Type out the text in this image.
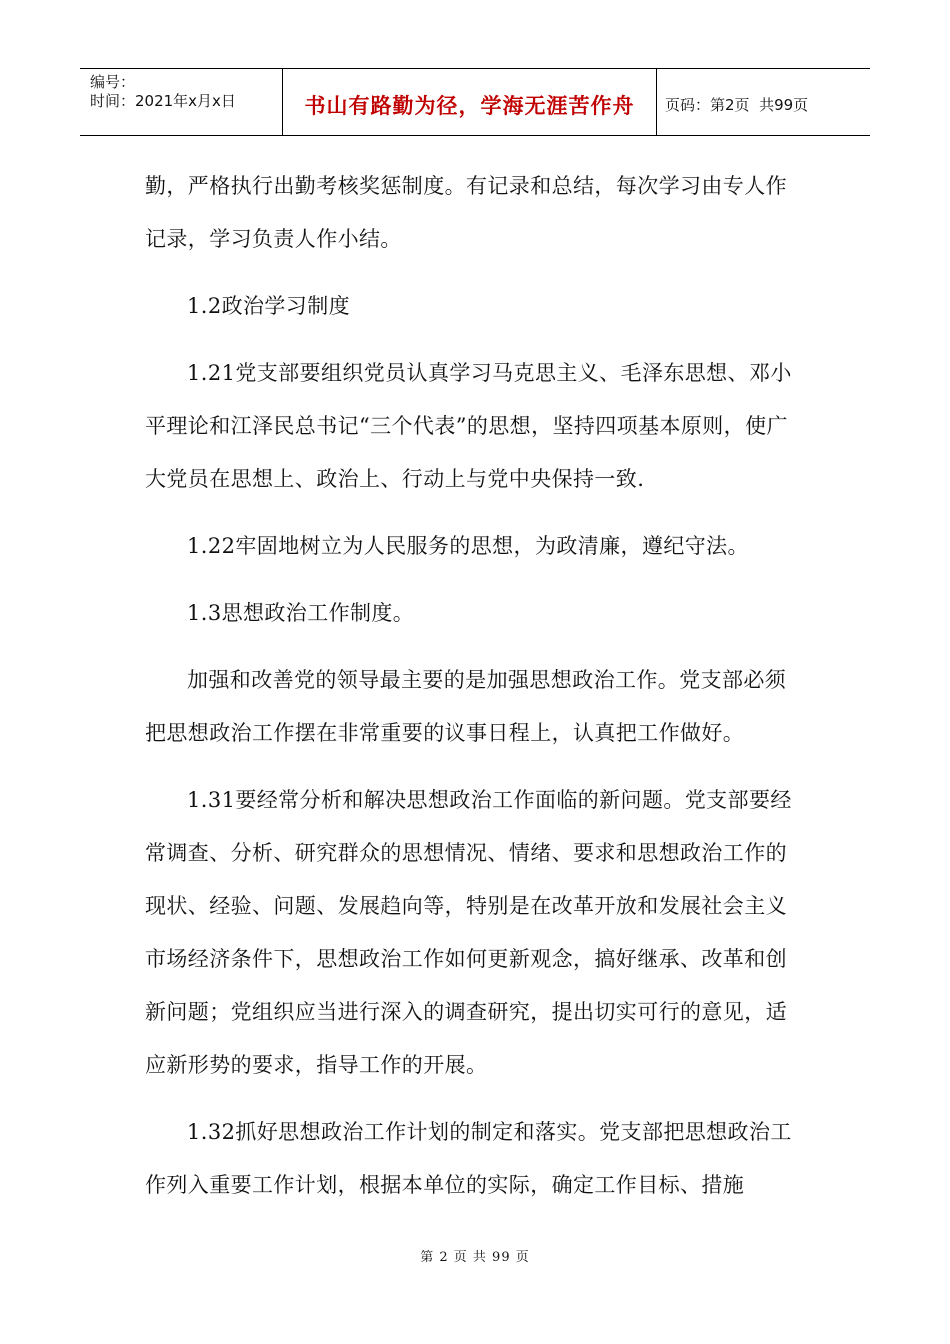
编号：
时间：2021年x月x日	书山有路勤为径，学海无涯苦作舟 页码：第2页  共99页

勤，严格执行出勤考核奖惩制度。有记录和总结，每次学习由专人作记录，学习负责人作小结。

1.2政治学习制度

1.21党支部要组织党员认真学习马克思主义、毛泽东思想、邓小平理论和江泽民总书记“三个代表”的思想，坚持四项基本原则，使广大党员在思想上、政治上、行动上与党中央保持一致.

1.22牢固地树立为人民服务的思想，为政清廉，遵纪守法。

1.3思想政治工作制度。

加强和改善党的领导最主要的是加强思想政治工作。党支部必须把思想政治工作摆在非常重要的议事日程上，认真把工作做好。

1.31要经常分析和解决思想政治工作面临的新问题。党支部要经常调查、分析、研究群众的思想情况、情绪、要求和思想政治工作的现状、经验、问题、发展趋向等，特别是在改革开放和发展社会主义市场经济条件下，思想政治工作如何更新观念，搞好继承、改革和创新问题；党组织应当进行深入的调查研究，提出切实可行的意见，适应新形势的要求，指导工作的开展。

1.32抓好思想政治工作计划的制定和落实。党支部把思想政治工作列入重要工作计划，根据本单位的实际，确定工作目标、措施

第 2 页 共 99 页
